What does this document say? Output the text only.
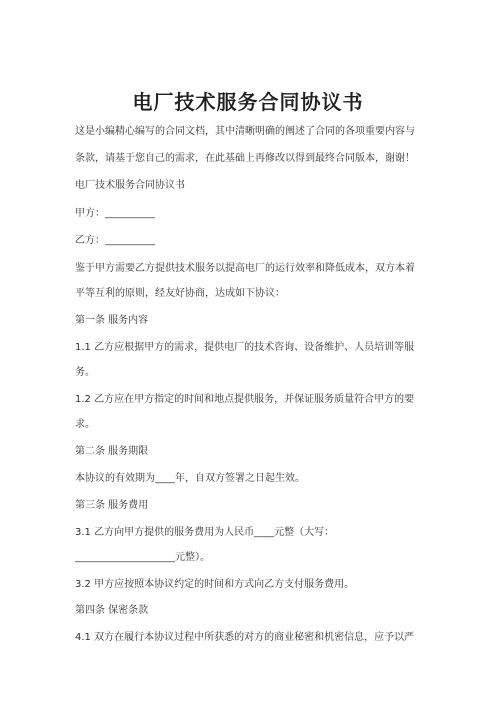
电厂技术服务合同协议书
这是小编精心编写的合同文档，其中清晰明确的阐述了合同的各项重要内容与
条款，请基于您自己的需求，在此基础上再修改以得到最终合同版本，谢谢！
电厂技术服务合同协议书
甲方：__________
乙方：__________
鉴于甲方需要乙方提供技术服务以提高电厂的运行效率和降低成本，双方本着
平等互利的原则，经友好协商，达成如下协议：
第一条 服务内容
1.1 乙方应根据甲方的需求，提供电厂的技术咨询、设备维护、人员培训等服
务。
1.2 乙方应在甲方指定的时间和地点提供服务，并保证服务质量符合甲方的要
求。
第二条 服务期限
本协议的有效期为____年，自双方签署之日起生效。
第三条 服务费用
3.1 乙方向甲方提供的服务费用为人民币____元整（大写：
____________________元整）。
3.2 甲方应按照本协议约定的时间和方式向乙方支付服务费用。
第四条 保密条款
4.1 双方在履行本协议过程中所获悉的对方的商业秘密和机密信息，应予以严
